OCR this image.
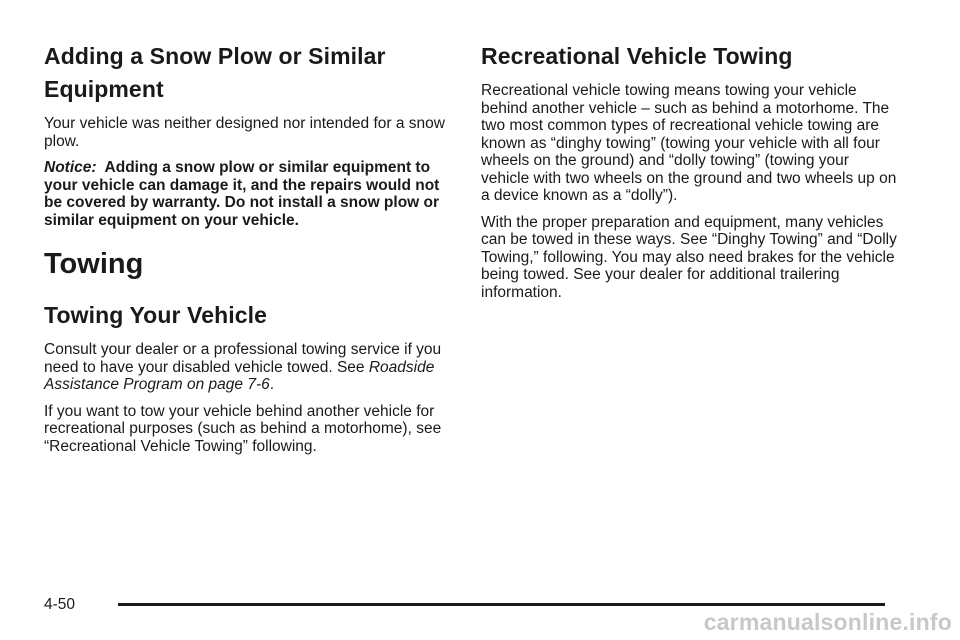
Adding a Snow Plow or Similar
Equipment

Your vehicle was neither designed nor intended for a snow plow.

Notice: Adding a snow plow or similar equipment to your vehicle can damage it, and the repairs would not be covered by warranty. Do not install a snow plow or similar equipment on your vehicle.

Towing
Towing Your Vehicle

Consult your dealer or a professional towing service if you need to have your disabled vehicle towed. See Roadside Assistance Program on page 7-6.

If you want to tow your vehicle behind another vehicle for recreational purposes (such as behind a motorhome), see “Recreational Vehicle Towing” following.

Recreational Vehicle Towing

Recreational vehicle towing means towing your vehicle behind another vehicle – such as behind a motorhome. The two most common types of recreational vehicle towing are known as “dinghy towing” (towing your vehicle with all four wheels on the ground) and “dolly towing” (towing your vehicle with two wheels on the ground and two wheels up on a device known as a “dolly”).

With the proper preparation and equipment, many vehicles can be towed in these ways. See “Dinghy Towing” and “Dolly Towing,” following. You may also need brakes for the vehicle being towed. See your dealer for additional trailering information.

4-50
carmanualsonline.info
